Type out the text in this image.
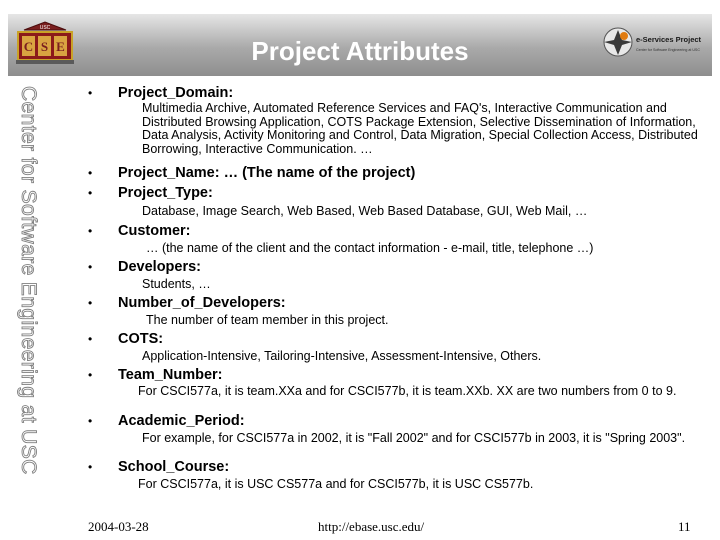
Project Attributes
USC
C S E	e-Services Project
Center for Software Engineering at USC
Center for Software Engineering at USC	• Project_Domain:
Multimedia Archive, Automated Reference Services and FAQ's, Interactive Communication and Distributed Browsing Application, COTS Package Extension, Selective Dissemination of Information, Data Analysis, Activity Monitoring and Control, Data Migration, Special Collection Access, Distributed Borrowing, Interactive Communication. …
• Project_Name: … (The name of the project)
• Project_Type:
Database, Image Search, Web Based, Web Based Database, GUI, Web Mail, …
• Customer:
… (the name of the client and the contact information - e-mail, title, telephone …)
• Developers:
Students, …
• Number_of_Developers:
The number of team member in this project.
• COTS:
Application-Intensive, Tailoring-Intensive, Assessment-Intensive, Others.
• Team_Number:
For CSCI577a, it is team.XXa and for CSCI577b, it is team.XXb. XX are two numbers from 0 to 9.
• Academic_Period:
For example, for CSCI577a in 2002, it is "Fall 2002" and for CSCI577b in 2003, it is "Spring 2003".
• School_Course:
For CSCI577a, it is USC CS577a and for CSCI577b, it is USC CS577b.
2004-03-28	http://ebase.usc.edu/	11
